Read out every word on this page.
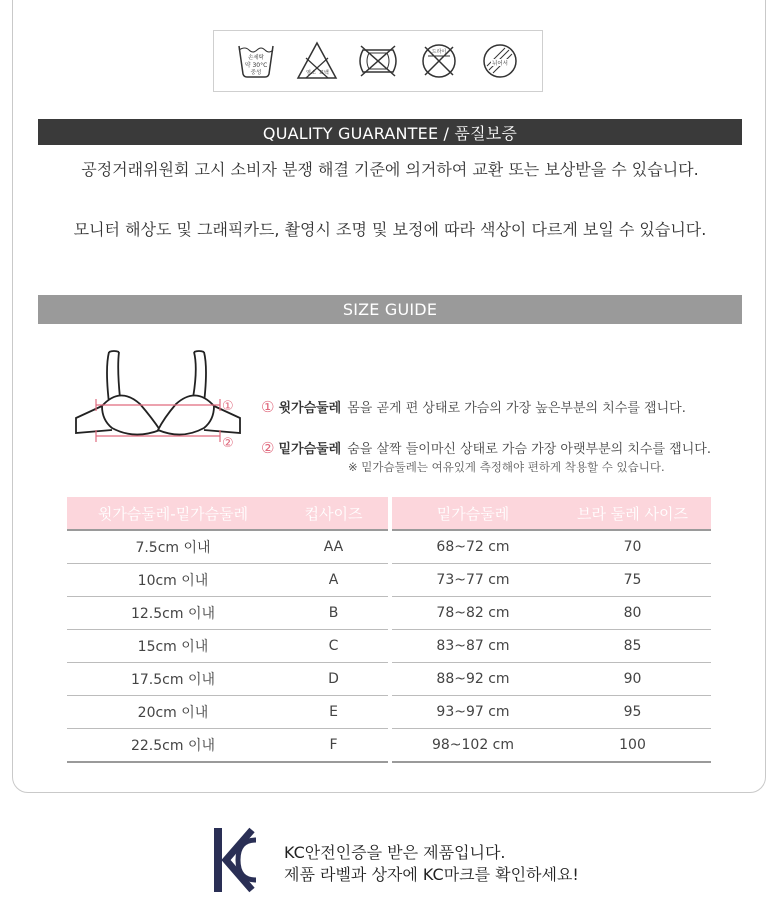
손세탁
약 30°C
중성	염소 표백
드라이
뉘어서
QUALITY GUARANTEE / 품질보증
공정거래위원회 고시 소비자 분쟁 해결 기준에 의거하여 교환 또는 보상받을 수 있습니다.
모니터 해상도 및 그래픽카드, 촬영시 조명 및 보정에 따라 색상이 다르게 보일 수 있습니다.
SIZE GUIDE
①
②
① 윗가슴둘레 몸을 곧게 편 상태로 가슴의 가장 높은부분의 치수를 잽니다.
② 밑가슴둘레 숨을 살짝 들이마신 상태로 가슴 가장 아랫부분의 치수를 잽니다.
※ 밑가슴둘레는 여유있게 측정해야 편하게 착용할 수 있습니다.
윗가슴둘레-밑가슴둘레	컵사이즈
7.5cm 이내	AA
10cm 이내	A
12.5cm 이내	B
15cm 이내	C
17.5cm 이내	D
20cm 이내	E
22.5cm 이내	F
밑가슴둘레	브라 둘레 사이즈
68~72 cm	70
73~77 cm	75
78~82 cm	80
83~87 cm	85
88~92 cm	90
93~97 cm	95
98~102 cm	100
KC안전인증을 받은 제품입니다.
제품 라벨과 상자에 KC마크를 확인하세요!
